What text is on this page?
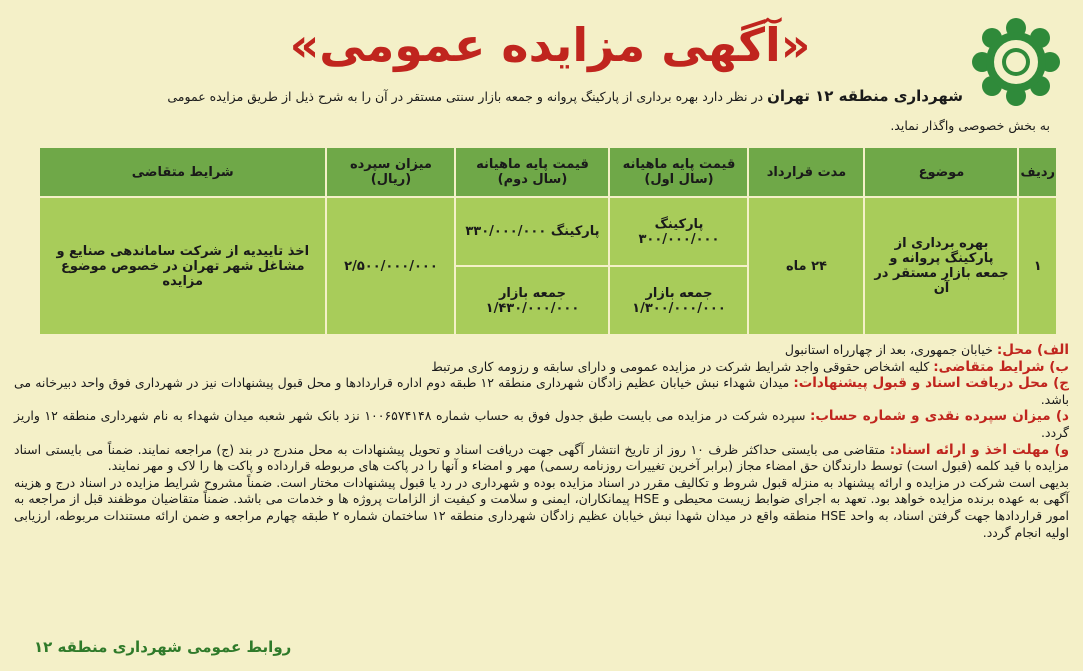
«آگهی مزایده عمومی»
شهرداری منطقه ۱۲ تهران در نظر دارد بهره برداری از پارکینگ پروانه و جمعه بازار سنتی مستقر در آن را به شرح ذیل از طریق مزایده عمومی
به بخش خصوصی واگذار نماید.
ردیف	موضوع	مدت قرارداد	قیمت پایه ماهیانه (سال اول)	قیمت پایه ماهیانه (سال دوم)	میزان سپرده (ریال)	شرایط متقاضی
۱	بهره برداری از پارکینگ پروانه و جمعه بازار مستقر در آن	۲۴ ماه	پارکینگ ۳۰۰/۰۰۰/۰۰۰	پارکینگ ۳۳۰/۰۰۰/۰۰۰	۲/۵۰۰/۰۰۰/۰۰۰	اخذ تاییدیه از شرکت ساماندهی صنایع و مشاغل شهر تهران در خصوص موضوع مزایده
			جمعه بازار ۱/۳۰۰/۰۰۰/۰۰۰	جمعه بازار ۱/۴۳۰/۰۰۰/۰۰۰		

الف) محل: خیابان جمهوری، بعد از چهارراه استانبول

ب) شرایط متقاضی: کلیه اشخاص حقوقی واجد شرایط شرکت در مزایده عمومی و دارای سابقه و رزومه کاری مرتبط

ج) محل دریافت اسناد و قبول پیشنهادات: میدان شهداء نبش خیابان عظیم زادگان شهرداری منطقه ۱۲ طبقه دوم اداره قراردادها و محل قبول پیشنهادات نیز در شهرداری فوق واحد دبیرخانه می باشد.

د) میزان سپرده نقدی و شماره حساب: سپرده شرکت در مزایده می بایست طبق جدول فوق به حساب شماره ۱۰۰۶۵۷۴۱۴۸ نزد بانک شهر شعبه میدان شهداء به نام شهرداری منطقه ۱۲ واریز گردد.

و) مهلت اخذ و ارائه اسناد: متقاضی می بایستی حداکثر ظرف ۱۰ روز از تاریخ انتشار آگهی جهت دریافت اسناد و تحویل پیشنهادات به محل مندرج در بند (ج) مراجعه نمایند. ضمناً می بایستی اسناد مزایده با قید کلمه (قبول است) توسط دارندگان حق امضاء مجاز (برابر آخرین تغییرات روزنامه رسمی) مهر و امضاء و آنها را در پاکت های مربوطه قرارداده و پاکت ها را لاک و مهر نمایند.

بدیهی است شرکت در مزایده و ارائه پیشنهاد به منزله قبول شروط و تکالیف مقرر در اسناد مزایده بوده و شهرداری در رد یا قبول پیشنهادات مختار است. ضمناً مشروح شرایط مزایده در اسناد درج و هزینه آگهی به عهده برنده مزایده خواهد بود. تعهد به اجرای ضوابط زیست محیطی و HSE پیمانکاران، ایمنی و سلامت و کیفیت از الزامات پروژه ها و خدمات می باشد. ضمناً متقاضیان موظفند قبل از مراجعه به امور قراردادها جهت گرفتن اسناد، به واحد HSE منطقه واقع در میدان شهدا نبش خیابان عظیم زادگان شهرداری منطقه ۱۲ ساختمان شماره ۲ طبقه چهارم مراجعه و ضمن ارائه مستندات مربوطه، ارزیابی اولیه انجام گردد.

روابط عمومی شهرداری منطقه ۱۲
